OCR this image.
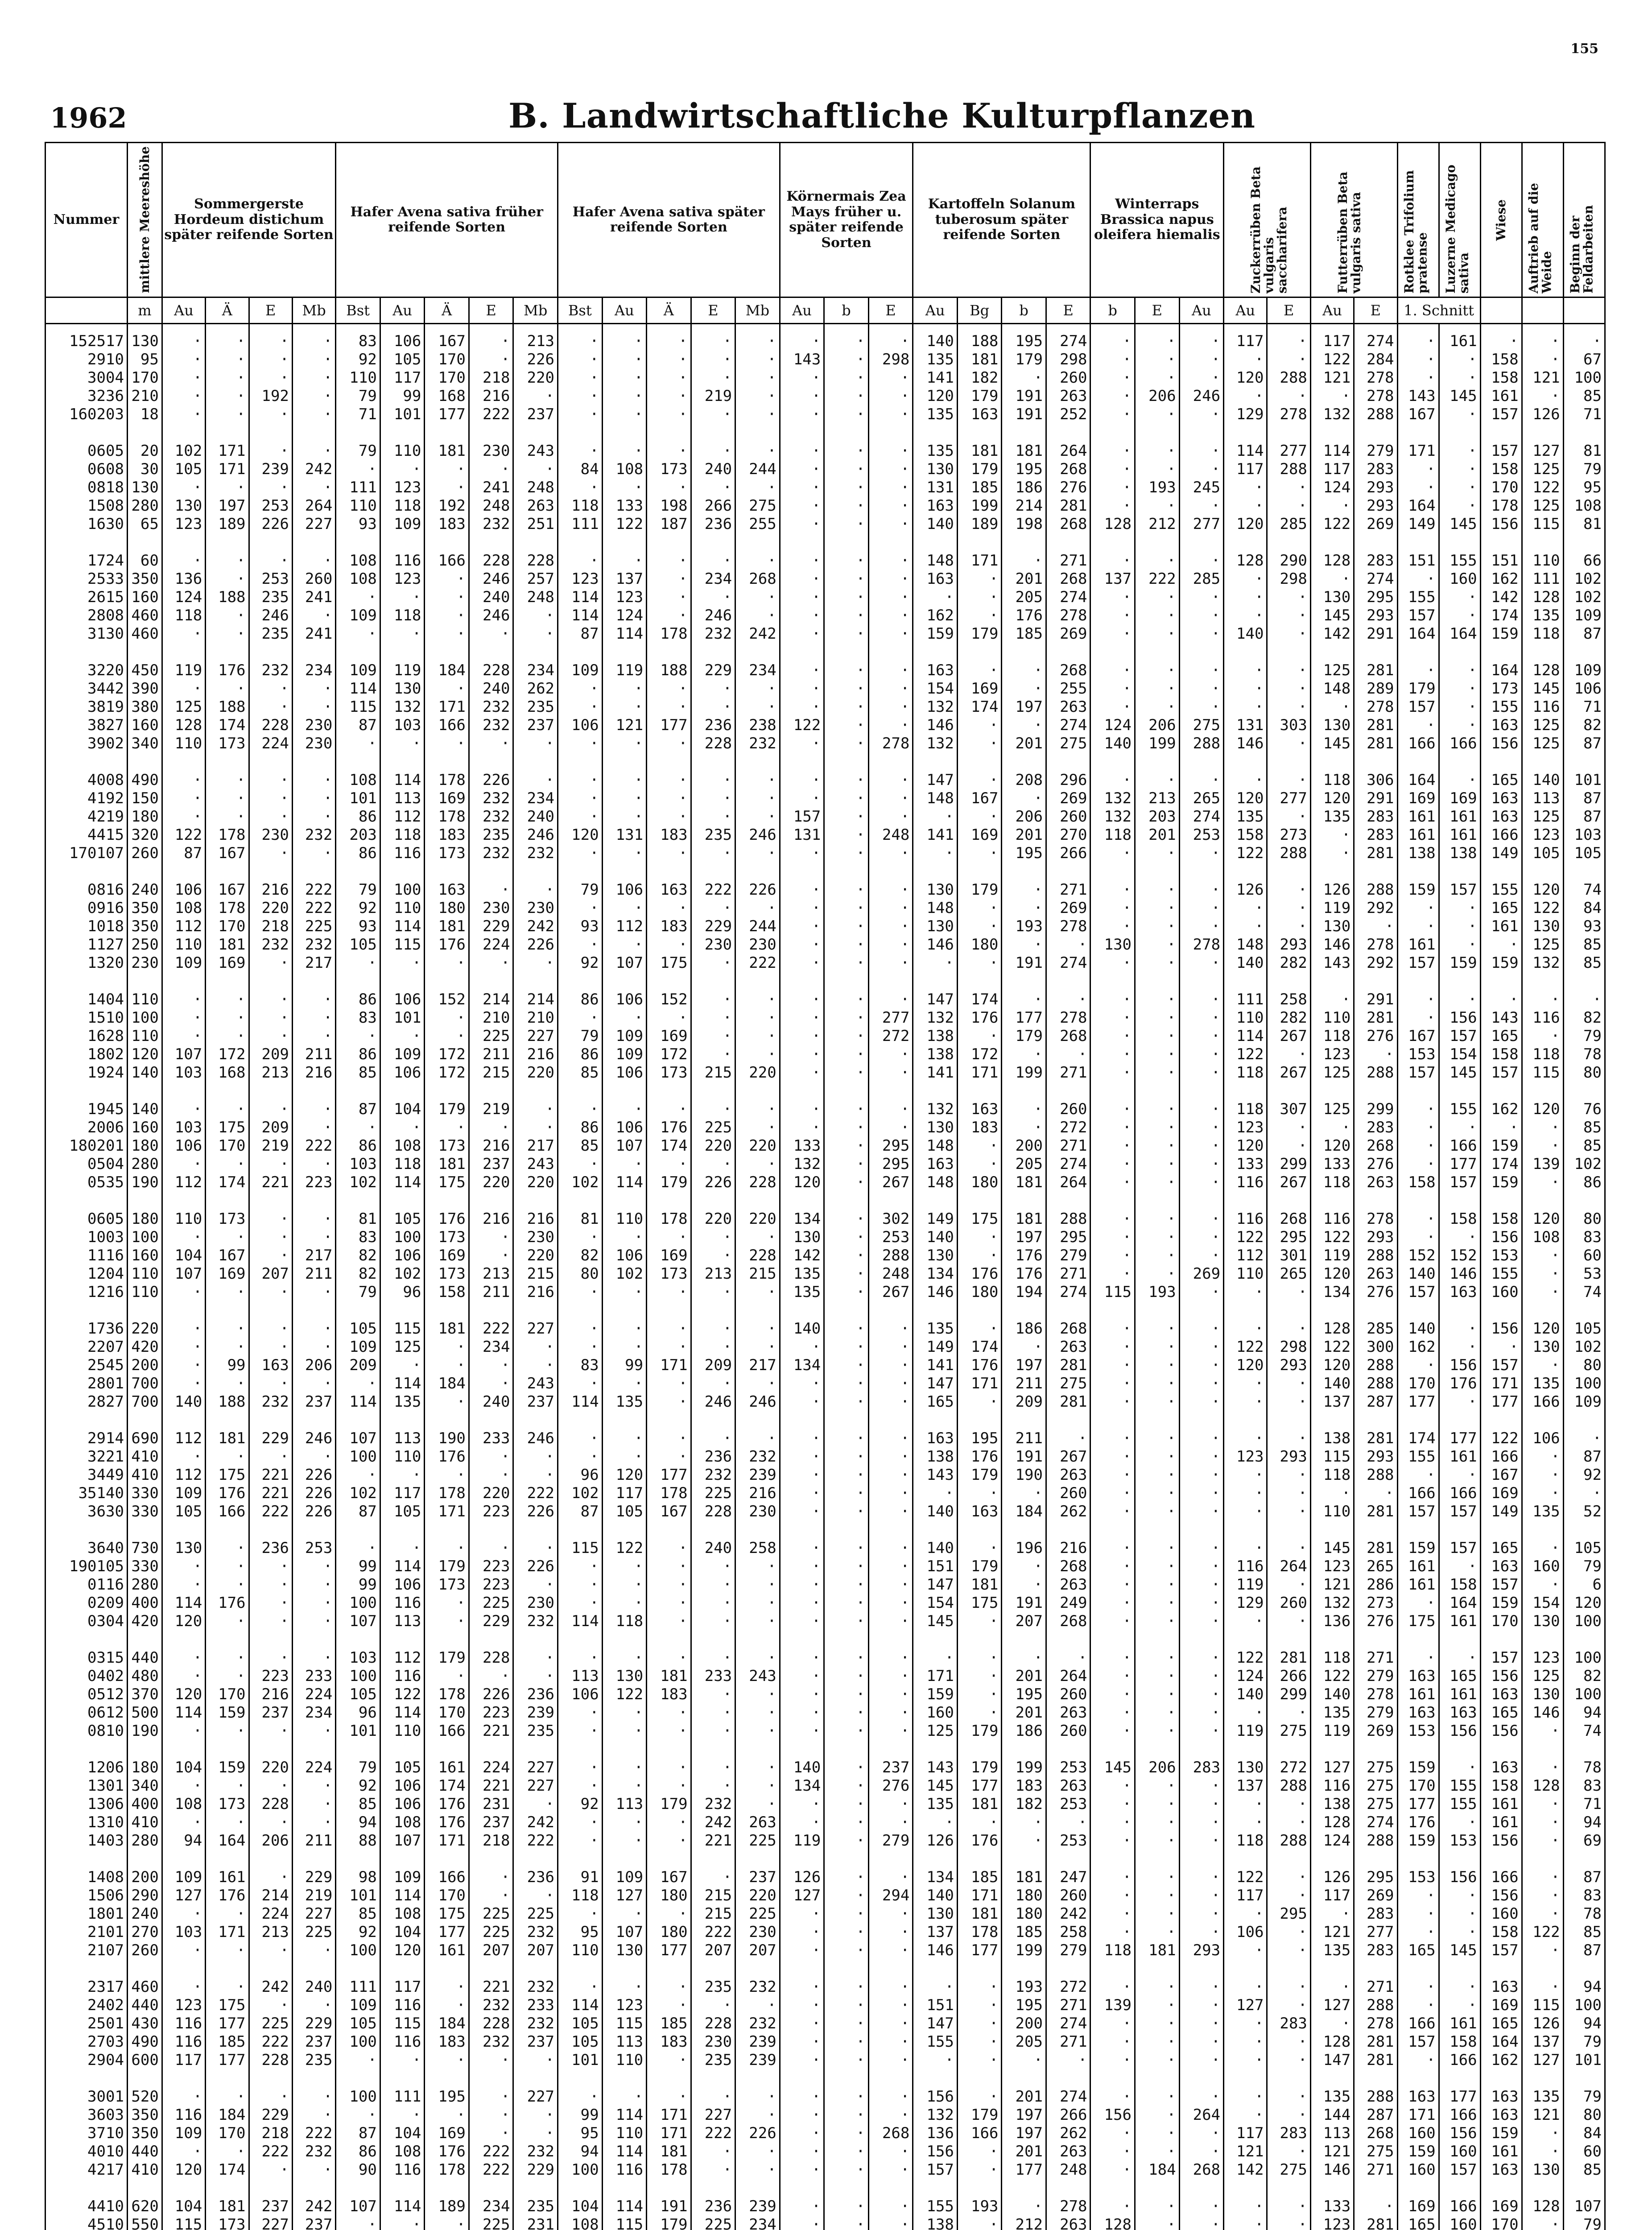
155
1962	B. Landwirtschaftliche Kulturpflanzen
Nummer	mittlere Meereshöhe	Sommergerste Hordeum distichum später reifende Sorten				Hafer Avena sativa früher reifende Sorten					Hafer Avena sativa später reifende Sorten					Körnermais Zea Mays früher u. später reifende Sorten			Kartoffeln Solanum tuberosum später reifende Sorten				Winterraps Brassica napus oleifera hiemalis			Zuckerrüben Beta vulgaris saccharifera		Futterrüben Beta vulgaris sativa		Rotklee Trifolium pratense	Luzerne Medicago sativa	Wiese	Auftrieb auf die Weide	Beginn der Feldarbeiten

	m	Au	Ä	E	Mb	Bst	Au	Ä	E	Mb	Bst	Au	Ä	E	Mb	Au	b	E	Au	Bg	b	E	b	E	Au	Au	E	Au	E	1. Schnitt				
152517	130	·	·	·	·	83	106	167	·	213	·	·	·	·	·	·	·	·	140	188	195	274	·	·	·	117	·	117	274	·	161	·	·	·
2910	95	·	·	·	·	92	105	170	·	226	·	·	·	·	·	143	·	298	135	181	179	298	·	·	·	·	·	122	284	·	·	158	·	67
3004	170	·	·	·	·	110	117	170	218	220	·	·	·	·	·	·	·	·	141	182	·	260	·	·	·	120	288	121	278	·	·	158	121	100
3236	210	·	·	192	·	79	99	168	216	·	·	·	·	219	·	·	·	·	120	179	191	263	·	206	246	·	·	·	278	143	145	161	·	85
160203	18	·	·	·	·	71	101	177	222	237	·	·	·	·	·	·	·	·	135	163	191	252	·	·	·	129	278	132	288	167	·	157	126	71

0605	20	102	171	·	·	79	110	181	230	243	·	·	·	·	·	·	·	·	135	181	181	264	·	·	·	114	277	114	279	171	·	157	127	81
0608	30	105	171	239	242	·	·	·	·	·	84	108	173	240	244	·	·	·	130	179	195	268	·	·	·	117	288	117	283	·	·	158	125	79
0818	130	·	·	·	·	111	123	·	241	248	·	·	·	·	·	·	·	·	131	185	186	276	·	193	245	·	·	124	293	·	·	170	122	95
1508	280	130	197	253	264	110	118	192	248	263	118	133	198	266	275	·	·	·	163	199	214	281	·	·	·	·	·	·	293	164	·	178	125	108
1630	65	123	189	226	227	93	109	183	232	251	111	122	187	236	255	·	·	·	140	189	198	268	128	212	277	120	285	122	269	149	145	156	115	81

1724	60	·	·	·	·	108	116	166	228	228	·	·	·	·	·	·	·	·	148	171	·	271	·	·	·	128	290	128	283	151	155	151	110	66
2533	350	136	·	253	260	108	123	·	246	257	123	137	·	234	268	·	·	·	163	·	201	268	137	222	285	·	298	·	274	·	160	162	111	102
2615	160	124	188	235	241	·	·	·	240	248	114	123	·	·	·	·	·	·	·	·	205	274	·	·	·	·	·	130	295	155	·	142	128	102
2808	460	118	·	246	·	109	118	·	246	·	114	124	·	246	·	·	·	·	162	·	176	278	·	·	·	·	·	145	293	157	·	174	135	109
3130	460	·	·	235	241	·	·	·	·	·	87	114	178	232	242	·	·	·	159	179	185	269	·	·	·	140	·	142	291	164	164	159	118	87

3220	450	119	176	232	234	109	119	184	228	234	109	119	188	229	234	·	·	·	163	·	·	268	·	·	·	·	·	125	281	·	·	164	128	109
3442	390	·	·	·	·	114	130	·	240	262	·	·	·	·	·	·	·	·	154	169	·	255	·	·	·	·	·	148	289	179	·	173	145	106
3819	380	125	188	·	·	115	132	171	232	235	·	·	·	·	·	·	·	·	132	174	197	263	·	·	·	·	·	·	278	157	·	155	116	71
3827	160	128	174	228	230	87	103	166	232	237	106	121	177	236	238	122	·	·	146	·	·	274	124	206	275	131	303	130	281	·	·	163	125	82
3902	340	110	173	224	230	·	·	·	·	·	·	·	·	228	232	·	·	278	132	·	201	275	140	199	288	146	·	145	281	166	166	156	125	87

4008	490	·	·	·	·	108	114	178	226	·	·	·	·	·	·	·	·	·	147	·	208	296	·	·	·	·	·	118	306	164	·	165	140	101
4192	150	·	·	·	·	101	113	169	232	234	·	·	·	·	·	·	·	·	148	167	·	269	132	213	265	120	277	120	291	169	169	163	113	87
4219	180	·	·	·	·	86	112	178	232	240	·	·	·	·	·	157	·	·	·	·	206	260	132	203	274	135	·	135	283	161	161	163	125	87
4415	320	122	178	230	232	203	118	183	235	246	120	131	183	235	246	131	·	248	141	169	201	270	118	201	253	158	273	·	283	161	161	166	123	103
170107	260	87	167	·	·	86	116	173	232	232	·	·	·	·	·	·	·	·	·	·	195	266	·	·	·	122	288	·	281	138	138	149	105	105

0816	240	106	167	216	222	79	100	163	·	·	79	106	163	222	226	·	·	·	130	179	·	271	·	·	·	126	·	126	288	159	157	155	120	74
0916	350	108	178	220	222	92	110	180	230	230	·	·	·	·	·	·	·	·	148	·	·	269	·	·	·	·	·	119	292	·	·	165	122	84
1018	350	112	170	218	225	93	114	181	229	242	93	112	183	229	244	·	·	·	130	·	193	278	·	·	·	·	·	130	·	·	·	161	130	93
1127	250	110	181	232	232	105	115	176	224	226	·	·	·	230	230	·	·	·	146	180	·	·	130	·	278	148	293	146	278	161	·	·	125	85
1320	230	109	169	·	217	·	·	·	·	·	92	107	175	·	222	·	·	·	·	·	191	274	·	·	·	140	282	143	292	157	159	159	132	85

1404	110	·	·	·	·	86	106	152	214	214	86	106	152	·	·	·	·	·	147	174	·	·	·	·	·	111	258	·	291	·	·	·	·	·
1510	100	·	·	·	·	83	101	·	210	210	·	·	·	·	·	·	·	277	132	176	177	278	·	·	·	110	282	110	281	·	156	143	116	82
1628	110	·	·	·	·	·	·	·	225	227	79	109	169	·	·	·	·	272	138	·	179	268	·	·	·	114	267	118	276	167	157	165	·	79
1802	120	107	172	209	211	86	109	172	211	216	86	109	172	·	·	·	·	·	138	172	·	·	·	·	·	122	·	123	·	153	154	158	118	78
1924	140	103	168	213	216	85	106	172	215	220	85	106	173	215	220	·	·	·	141	171	199	271	·	·	·	118	267	125	288	157	145	157	115	80

1945	140	·	·	·	·	87	104	179	219	·	·	·	·	·	·	·	·	·	132	163	·	260	·	·	·	118	307	125	299	·	155	162	120	76
2006	160	103	175	209	·	·	·	·	·	·	86	106	176	225	·	·	·	·	130	183	·	272	·	·	·	123	·	·	283	·	·	·	·	85
180201	180	106	170	219	222	86	108	173	216	217	85	107	174	220	220	133	·	295	148	·	200	271	·	·	·	120	·	120	268	·	166	159	·	85
0504	280	·	·	·	·	103	118	181	237	243	·	·	·	·	·	132	·	295	163	·	205	274	·	·	·	133	299	133	276	·	177	174	139	102
0535	190	112	174	221	223	102	114	175	220	220	102	114	179	226	228	120	·	267	148	180	181	264	·	·	·	116	267	118	263	158	157	159	·	86

0605	180	110	173	·	·	81	105	176	216	216	81	110	178	220	220	134	·	302	149	175	181	288	·	·	·	116	268	116	278	·	158	158	120	80
1003	100	·	·	·	·	83	100	173	·	230	·	·	·	·	·	130	·	253	140	·	197	295	·	·	·	122	295	122	293	·	·	156	108	83
1116	160	104	167	·	217	82	106	169	·	220	82	106	169	·	228	142	·	288	130	·	176	279	·	·	·	112	301	119	288	152	152	153	·	60
1204	110	107	169	207	211	82	102	173	213	215	80	102	173	213	215	135	·	248	134	176	176	271	·	·	269	110	265	120	263	140	146	155	·	53
1216	110	·	·	·	·	79	96	158	211	216	·	·	·	·	·	135	·	267	146	180	194	274	115	193	·	·	·	134	276	157	163	160	·	74

1736	220	·	·	·	·	105	115	181	222	227	·	·	·	·	·	140	·	·	135	·	186	268	·	·	·	·	·	128	285	140	·	156	120	105
2207	420	·	·	·	·	109	125	·	234	·	·	·	·	·	·	·	·	·	149	174	·	263	·	·	·	122	298	122	300	162	·	·	130	102
2545	200	·	99	163	206	209	·	·	·	·	83	99	171	209	217	134	·	·	141	176	197	281	·	·	·	120	293	120	288	·	156	157	·	80
2801	700	·	·	·	·	·	114	184	·	243	·	·	·	·	·	·	·	·	147	171	211	275	·	·	·	·	·	140	288	170	176	171	135	100
2827	700	140	188	232	237	114	135	·	240	237	114	135	·	246	246	·	·	·	165	·	209	281	·	·	·	·	·	137	287	177	·	177	166	109

2914	690	112	181	229	246	107	113	190	233	246	·	·	·	·	·	·	·	·	163	195	211	·	·	·	·	·	·	138	281	174	177	122	106	·
3221	410	·	·	·	·	100	110	176	·	·	·	·	·	236	232	·	·	·	138	176	191	267	·	·	·	123	293	115	293	155	161	166	·	87
3449	410	112	175	221	226	·	·	·	·	·	96	120	177	232	239	·	·	·	143	179	190	263	·	·	·	·	·	118	288	·	·	167	·	92
35140	330	109	176	221	226	102	117	178	220	222	102	117	178	225	216	·	·	·	·	·	·	260	·	·	·	·	·	·	·	166	166	169	·	·
3630	330	105	166	222	226	87	105	171	223	226	87	105	167	228	230	·	·	·	140	163	184	262	·	·	·	·	·	110	281	157	157	149	135	52

3640	730	130	·	236	253	·	·	·	·	·	115	122	·	240	258	·	·	·	140	·	196	216	·	·	·	·	·	145	281	159	157	165	·	105
190105	330	·	·	·	·	99	114	179	223	226	·	·	·	·	·	·	·	·	151	179	·	268	·	·	·	116	264	123	265	161	·	163	160	79
0116	280	·	·	·	·	99	106	173	223	·	·	·	·	·	·	·	·	·	147	181	·	263	·	·	·	119	·	121	286	161	158	157	·	6
0209	400	114	176	·	·	100	116	·	225	230	·	·	·	·	·	·	·	·	154	175	191	249	·	·	·	129	260	132	273	·	164	159	154	120
0304	420	120	·	·	·	107	113	·	229	232	114	118	·	·	·	·	·	·	145	·	207	268	·	·	·	·	·	136	276	175	161	170	130	100

0315	440	·	·	·	·	103	112	179	228	·	·	·	·	·	·	·	·	·	·	·	·	·	·	·	·	122	281	118	271	·	·	157	123	100
0402	480	·	·	223	233	100	116	·	·	·	113	130	181	233	243	·	·	·	171	·	201	264	·	·	·	124	266	122	279	163	165	156	125	82
0512	370	120	170	216	224	105	122	178	226	236	106	122	183	·	·	·	·	·	159	·	195	260	·	·	·	140	299	140	278	161	161	163	130	100
0612	500	114	159	237	234	96	114	170	223	239	·	·	·	·	·	·	·	·	160	·	201	263	·	·	·	·	·	135	279	163	163	165	146	94
0810	190	·	·	·	·	101	110	166	221	235	·	·	·	·	·	·	·	·	125	179	186	260	·	·	·	119	275	119	269	153	156	156	·	74

1206	180	104	159	220	224	79	105	161	224	227	·	·	·	·	·	140	·	237	143	179	199	253	145	206	283	130	272	127	275	159	·	163	·	78
1301	340	·	·	·	·	92	106	174	221	227	·	·	·	·	·	134	·	276	145	177	183	263	·	·	·	137	288	116	275	170	155	158	128	83
1306	400	108	173	228	·	85	106	176	231	·	92	113	179	232	·	·	·	·	135	181	182	253	·	·	·	·	·	138	275	177	155	161	·	71
1310	410	·	·	·	·	94	108	176	237	242	·	·	·	242	263	·	·	·	·	·	·	·	·	·	·	·	·	128	274	176	·	161	·	94
1403	280	94	164	206	211	88	107	171	218	222	·	·	·	221	225	119	·	279	126	176	·	253	·	·	·	118	288	124	288	159	153	156	·	69

1408	200	109	161	·	229	98	109	166	·	236	91	109	167	·	237	126	·	·	134	185	181	247	·	·	·	122	·	126	295	153	156	166	·	87
1506	290	127	176	214	219	101	114	170	·	·	118	127	180	215	220	127	·	294	140	171	180	260	·	·	·	117	·	117	269	·	·	156	·	83
1801	240	·	·	224	227	85	108	175	225	225	·	·	·	215	225	·	·	·	130	181	180	242	·	·	·	·	295	·	283	·	·	160	·	78
2101	270	103	171	213	225	92	104	177	225	232	95	107	180	222	230	·	·	·	137	178	185	258	·	·	·	106	·	121	277	·	·	158	122	85
2107	260	·	·	·	·	100	120	161	207	207	110	130	177	207	207	·	·	·	146	177	199	279	118	181	293	·	·	135	283	165	145	157	·	87

2317	460	·	·	242	240	111	117	·	221	232	·	·	·	235	232	·	·	·	·	·	193	272	·	·	·	·	·	·	271	·	·	163	·	94
2402	440	123	175	·	·	109	116	·	232	233	114	123	·	·	·	·	·	·	151	·	195	271	139	·	·	127	·	127	288	·	·	169	115	100
2501	430	116	177	225	229	105	115	184	228	232	105	115	185	228	232	·	·	·	147	·	200	274	·	·	·	·	283	·	278	166	161	165	126	94
2703	490	116	185	222	237	100	116	183	232	237	105	113	183	230	239	·	·	·	155	·	205	271	·	·	·	·	·	128	281	157	158	164	137	79
2904	600	117	177	228	235	·	·	·	·	·	101	110	·	235	239	·	·	·	·	·	·	·	·	·	·	·	·	147	281	·	166	162	127	101

3001	520	·	·	·	·	100	111	195	·	227	·	·	·	·	·	·	·	·	156	·	201	274	·	·	·	·	·	135	288	163	177	163	135	79
3603	350	116	184	229	·	·	·	·	·	·	99	114	171	227	·	·	·	·	132	179	197	266	156	·	264	·	·	144	287	171	166	163	121	80
3710	350	109	170	218	222	87	104	169	·	·	95	110	171	222	226	·	·	268	136	166	197	262	·	·	·	117	283	113	268	160	156	159	·	84
4010	440	·	·	222	232	86	108	176	222	232	94	114	181	·	·	·	·	·	156	·	201	263	·	·	·	121	·	121	275	159	160	161	·	60
4217	410	120	174	·	·	90	116	178	222	229	100	116	178	·	·	·	·	·	157	·	177	248	·	184	268	142	275	146	271	160	157	163	130	85

4410	620	104	181	237	242	107	114	189	234	235	104	114	191	236	239	·	·	·	155	193	·	278	·	·	·	·	·	133	·	169	166	169	128	107
4510	550	115	173	227	237	·	·	·	225	231	108	115	179	225	234	·	·	·	138	·	212	263	128	·	·	·	·	123	281	165	160	170	·	79
